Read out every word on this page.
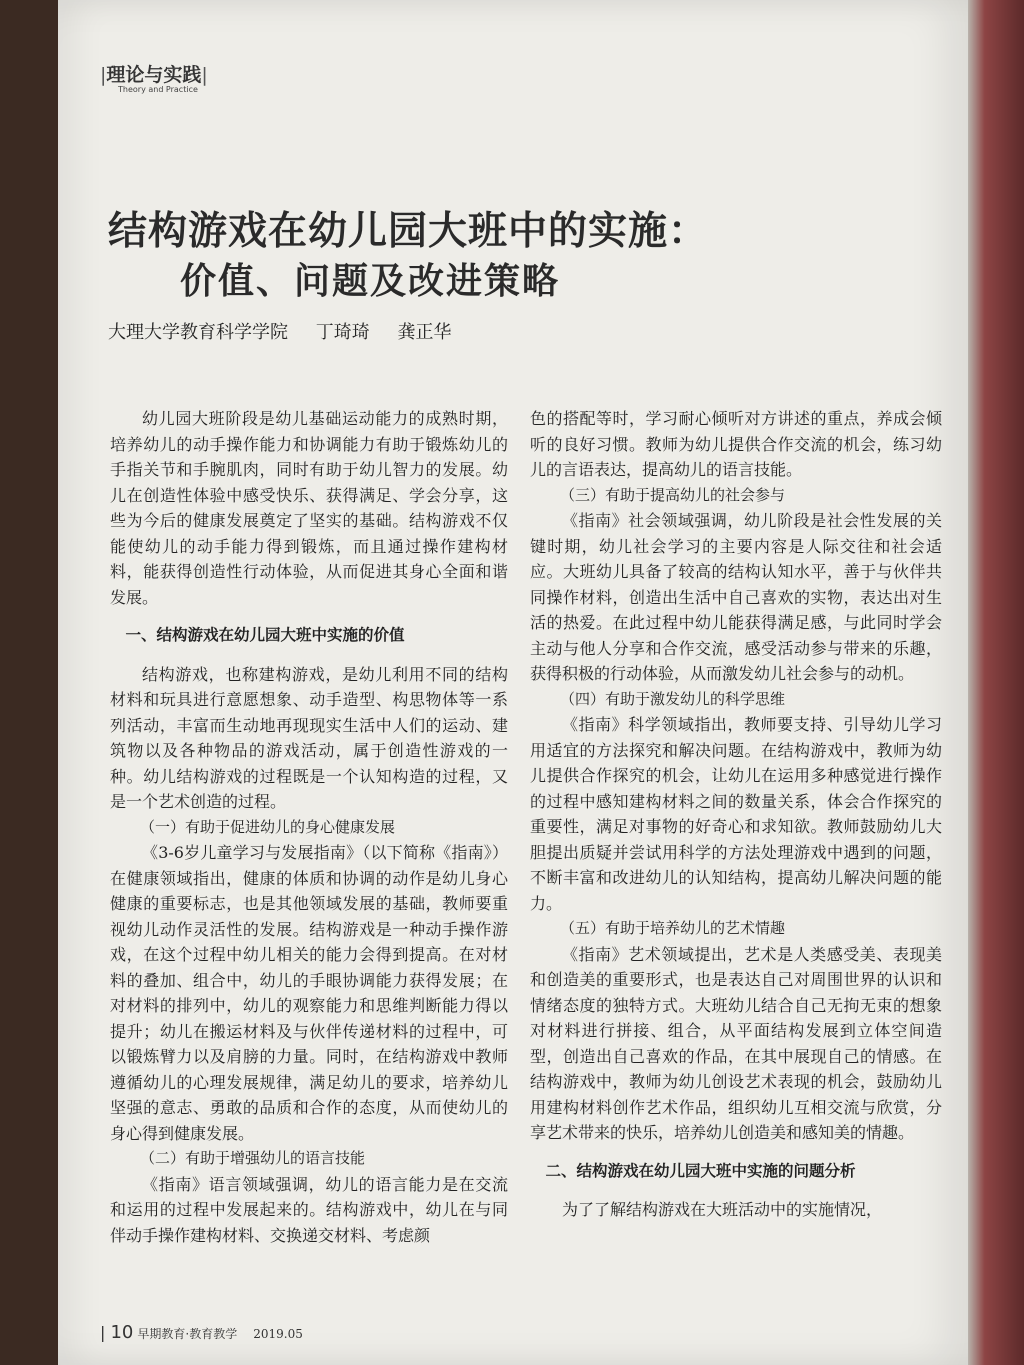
|理论与实践|
Theory and Practice
结构游戏在幼儿园大班中的实施：
价值、问题及改进策略
大理大学教育科学学院 丁琦琦 龚正华

幼儿园大班阶段是幼儿基础运动能力的成熟时期，培养幼儿的动手操作能力和协调能力有助于锻炼幼儿的手指关节和手腕肌肉，同时有助于幼儿智力的发展。幼儿在创造性体验中感受快乐、获得满足、学会分享，这些为今后的健康发展奠定了坚实的基础。结构游戏不仅能使幼儿的动手能力得到锻炼，而且通过操作建构材料，能获得创造性行动体验，从而促进其身心全面和谐发展。

一、结构游戏在幼儿园大班中实施的价值

结构游戏，也称建构游戏，是幼儿利用不同的结构材料和玩具进行意愿想象、动手造型、构思物体等一系列活动，丰富而生动地再现现实生活中人们的运动、建筑物以及各种物品的游戏活动，属于创造性游戏的一种。幼儿结构游戏的过程既是一个认知构造的过程，又是一个艺术创造的过程。

（一）有助于促进幼儿的身心健康发展

《3-6岁儿童学习与发展指南》（以下简称《指南》）在健康领域指出，健康的体质和协调的动作是幼儿身心健康的重要标志，也是其他领域发展的基础，教师要重视幼儿动作灵活性的发展。结构游戏是一种动手操作游戏，在这个过程中幼儿相关的能力会得到提高。在对材料的叠加、组合中，幼儿的手眼协调能力获得发展；在对材料的排列中，幼儿的观察能力和思维判断能力得以提升；幼儿在搬运材料及与伙伴传递材料的过程中，可以锻炼臂力以及肩膀的力量。同时，在结构游戏中教师遵循幼儿的心理发展规律，满足幼儿的要求，培养幼儿坚强的意志、勇敢的品质和合作的态度，从而使幼儿的身心得到健康发展。

（二）有助于增强幼儿的语言技能

《指南》语言领域强调，幼儿的语言能力是在交流和运用的过程中发展起来的。结构游戏中，幼儿在与同伴动手操作建构材料、交换递交材料、考虑颜

色的搭配等时，学习耐心倾听对方讲述的重点，养成会倾听的良好习惯。教师为幼儿提供合作交流的机会，练习幼儿的言语表达，提高幼儿的语言技能。

（三）有助于提高幼儿的社会参与

《指南》社会领域强调，幼儿阶段是社会性发展的关键时期，幼儿社会学习的主要内容是人际交往和社会适应。大班幼儿具备了较高的结构认知水平，善于与伙伴共同操作材料，创造出生活中自己喜欢的实物，表达出对生活的热爱。在此过程中幼儿能获得满足感，与此同时学会主动与他人分享和合作交流，感受活动参与带来的乐趣，获得积极的行动体验，从而激发幼儿社会参与的动机。

（四）有助于激发幼儿的科学思维

《指南》科学领域指出，教师要支持、引导幼儿学习用适宜的方法探究和解决问题。在结构游戏中，教师为幼儿提供合作探究的机会，让幼儿在运用多种感觉进行操作的过程中感知建构材料之间的数量关系，体会合作探究的重要性，满足对事物的好奇心和求知欲。教师鼓励幼儿大胆提出质疑并尝试用科学的方法处理游戏中遇到的问题，不断丰富和改进幼儿的认知结构，提高幼儿解决问题的能力。

（五）有助于培养幼儿的艺术情趣

《指南》艺术领域提出，艺术是人类感受美、表现美和创造美的重要形式，也是表达自己对周围世界的认识和情绪态度的独特方式。大班幼儿结合自己无拘无束的想象对材料进行拼接、组合，从平面结构发展到立体空间造型，创造出自己喜欢的作品，在其中展现自己的情感。在结构游戏中，教师为幼儿创设艺术表现的机会，鼓励幼儿用建构材料创作艺术作品，组织幼儿互相交流与欣赏，分享艺术带来的快乐，培养幼儿创造美和感知美的情趣。

二、结构游戏在幼儿园大班中实施的问题分析

为了了解结构游戏在大班活动中的实施情况，

| 10 早期教育·教育教学 2019.05
